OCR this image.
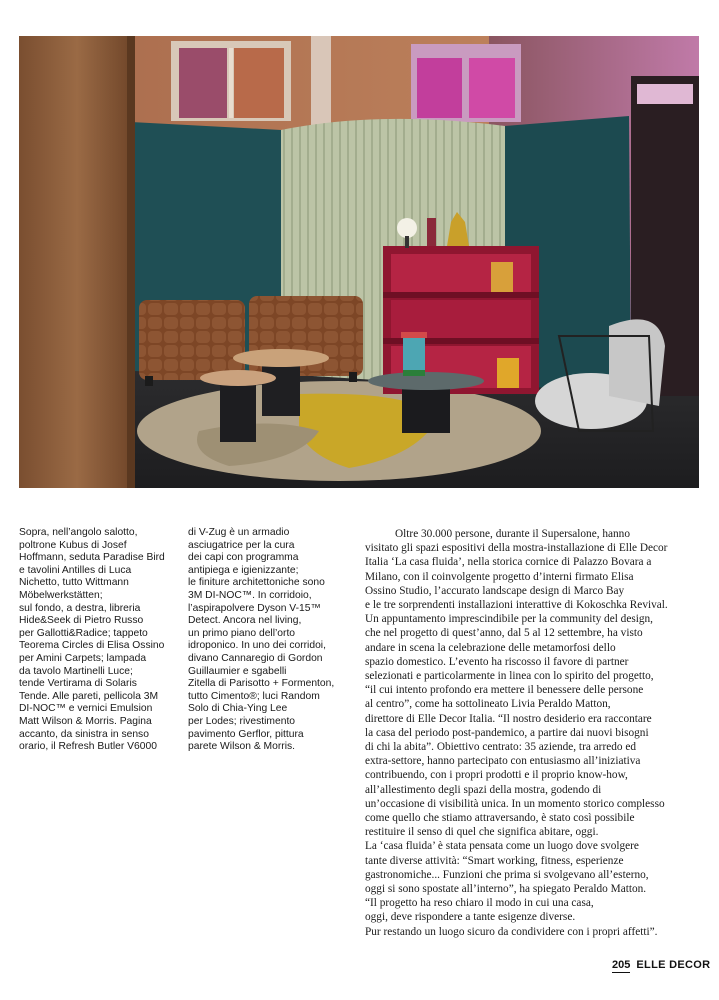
Sopra, nell’angolo salotto,
poltrone Kubus di Josef
Hoffmann, seduta Paradise Bird
e tavolini Antilles di Luca
Nichetto, tutto Wittmann
Möbelwerkstätten;
sul fondo, a destra, libreria
Hide&Seek di Pietro Russo
per Gallotti&Radice; tappeto
Teorema Circles di Elisa Ossino
per Amini Carpets; lampada
da tavolo Martinelli Luce;
tende Vertirama di Solaris
Tende. Alle pareti, pellicola 3M
DI-NOC™ e vernici Emulsion
Matt Wilson & Morris. Pagina
accanto, da sinistra in senso
orario, il Refresh Butler V6000
di V-Zug è un armadio
asciugatrice per la cura
dei capi con programma
antipiega e igienizzante;
le finiture architettoniche sono
3M DI-NOC™. In corridoio,
l’aspirapolvere Dyson V-15™
Detect. Ancora nel living,
un primo piano dell’orto
idroponico. In uno dei corridoi,
divano Cannaregio di Gordon
Guillaumier e sgabelli
Zitella di Parisotto + Formenton,
tutto Cimento®; luci Random
Solo di Chia-Ying Lee
per Lodes; rivestimento
pavimento Gerflor, pittura
parete Wilson & Morris.
Oltre 30.000 persone, durante il Supersalone, hanno
visitato gli spazi espositivi della mostra-installazione di Elle Decor
Italia ‘La casa fluida’, nella storica cornice di Palazzo Bovara a
Milano, con il coinvolgente progetto d’interni firmato Elisa
Ossino Studio, l’accurato landscape design di Marco Bay
e le tre sorprendenti installazioni interattive di Kokoschka Revival.
Un appuntamento imprescindibile per la community del design,
che nel progetto di quest’anno, dal 5 al 12 settembre, ha visto
andare in scena la celebrazione delle metamorfosi dello
spazio domestico. L’evento ha riscosso il favore di partner
selezionati e particolarmente in linea con lo spirito del progetto,
“il cui intento profondo era mettere il benessere delle persone
al centro”, come ha sottolineato Livia Peraldo Matton,
direttore di Elle Decor Italia. “Il nostro desiderio era raccontare
la casa del periodo post-pandemico, a partire dai nuovi bisogni
di chi la abita”. Obiettivo centrato: 35 aziende, tra arredo ed
extra-settore, hanno partecipato con entusiasmo all’iniziativa
contribuendo, con i propri prodotti e il proprio know-how,
all’allestimento degli spazi della mostra, godendo di
un’occasione di visibilità unica. In un momento storico complesso
come quello che stiamo attraversando, è stato così possibile
restituire il senso di quel che significa abitare, oggi.
La ‘casa fluida’ è stata pensata come un luogo dove svolgere
tante diverse attività: “Smart working, fitness, esperienze
gastronomiche... Funzioni che prima si svolgevano all’esterno,
oggi si sono spostate all’interno”, ha spiegato Peraldo Matton.
“Il progetto ha reso chiaro il modo in cui una casa,
oggi, deve rispondere a tante esigenze diverse.
Pur restando un luogo sicuro da condividere con i propri affetti”.
205 ELLE DECOR
